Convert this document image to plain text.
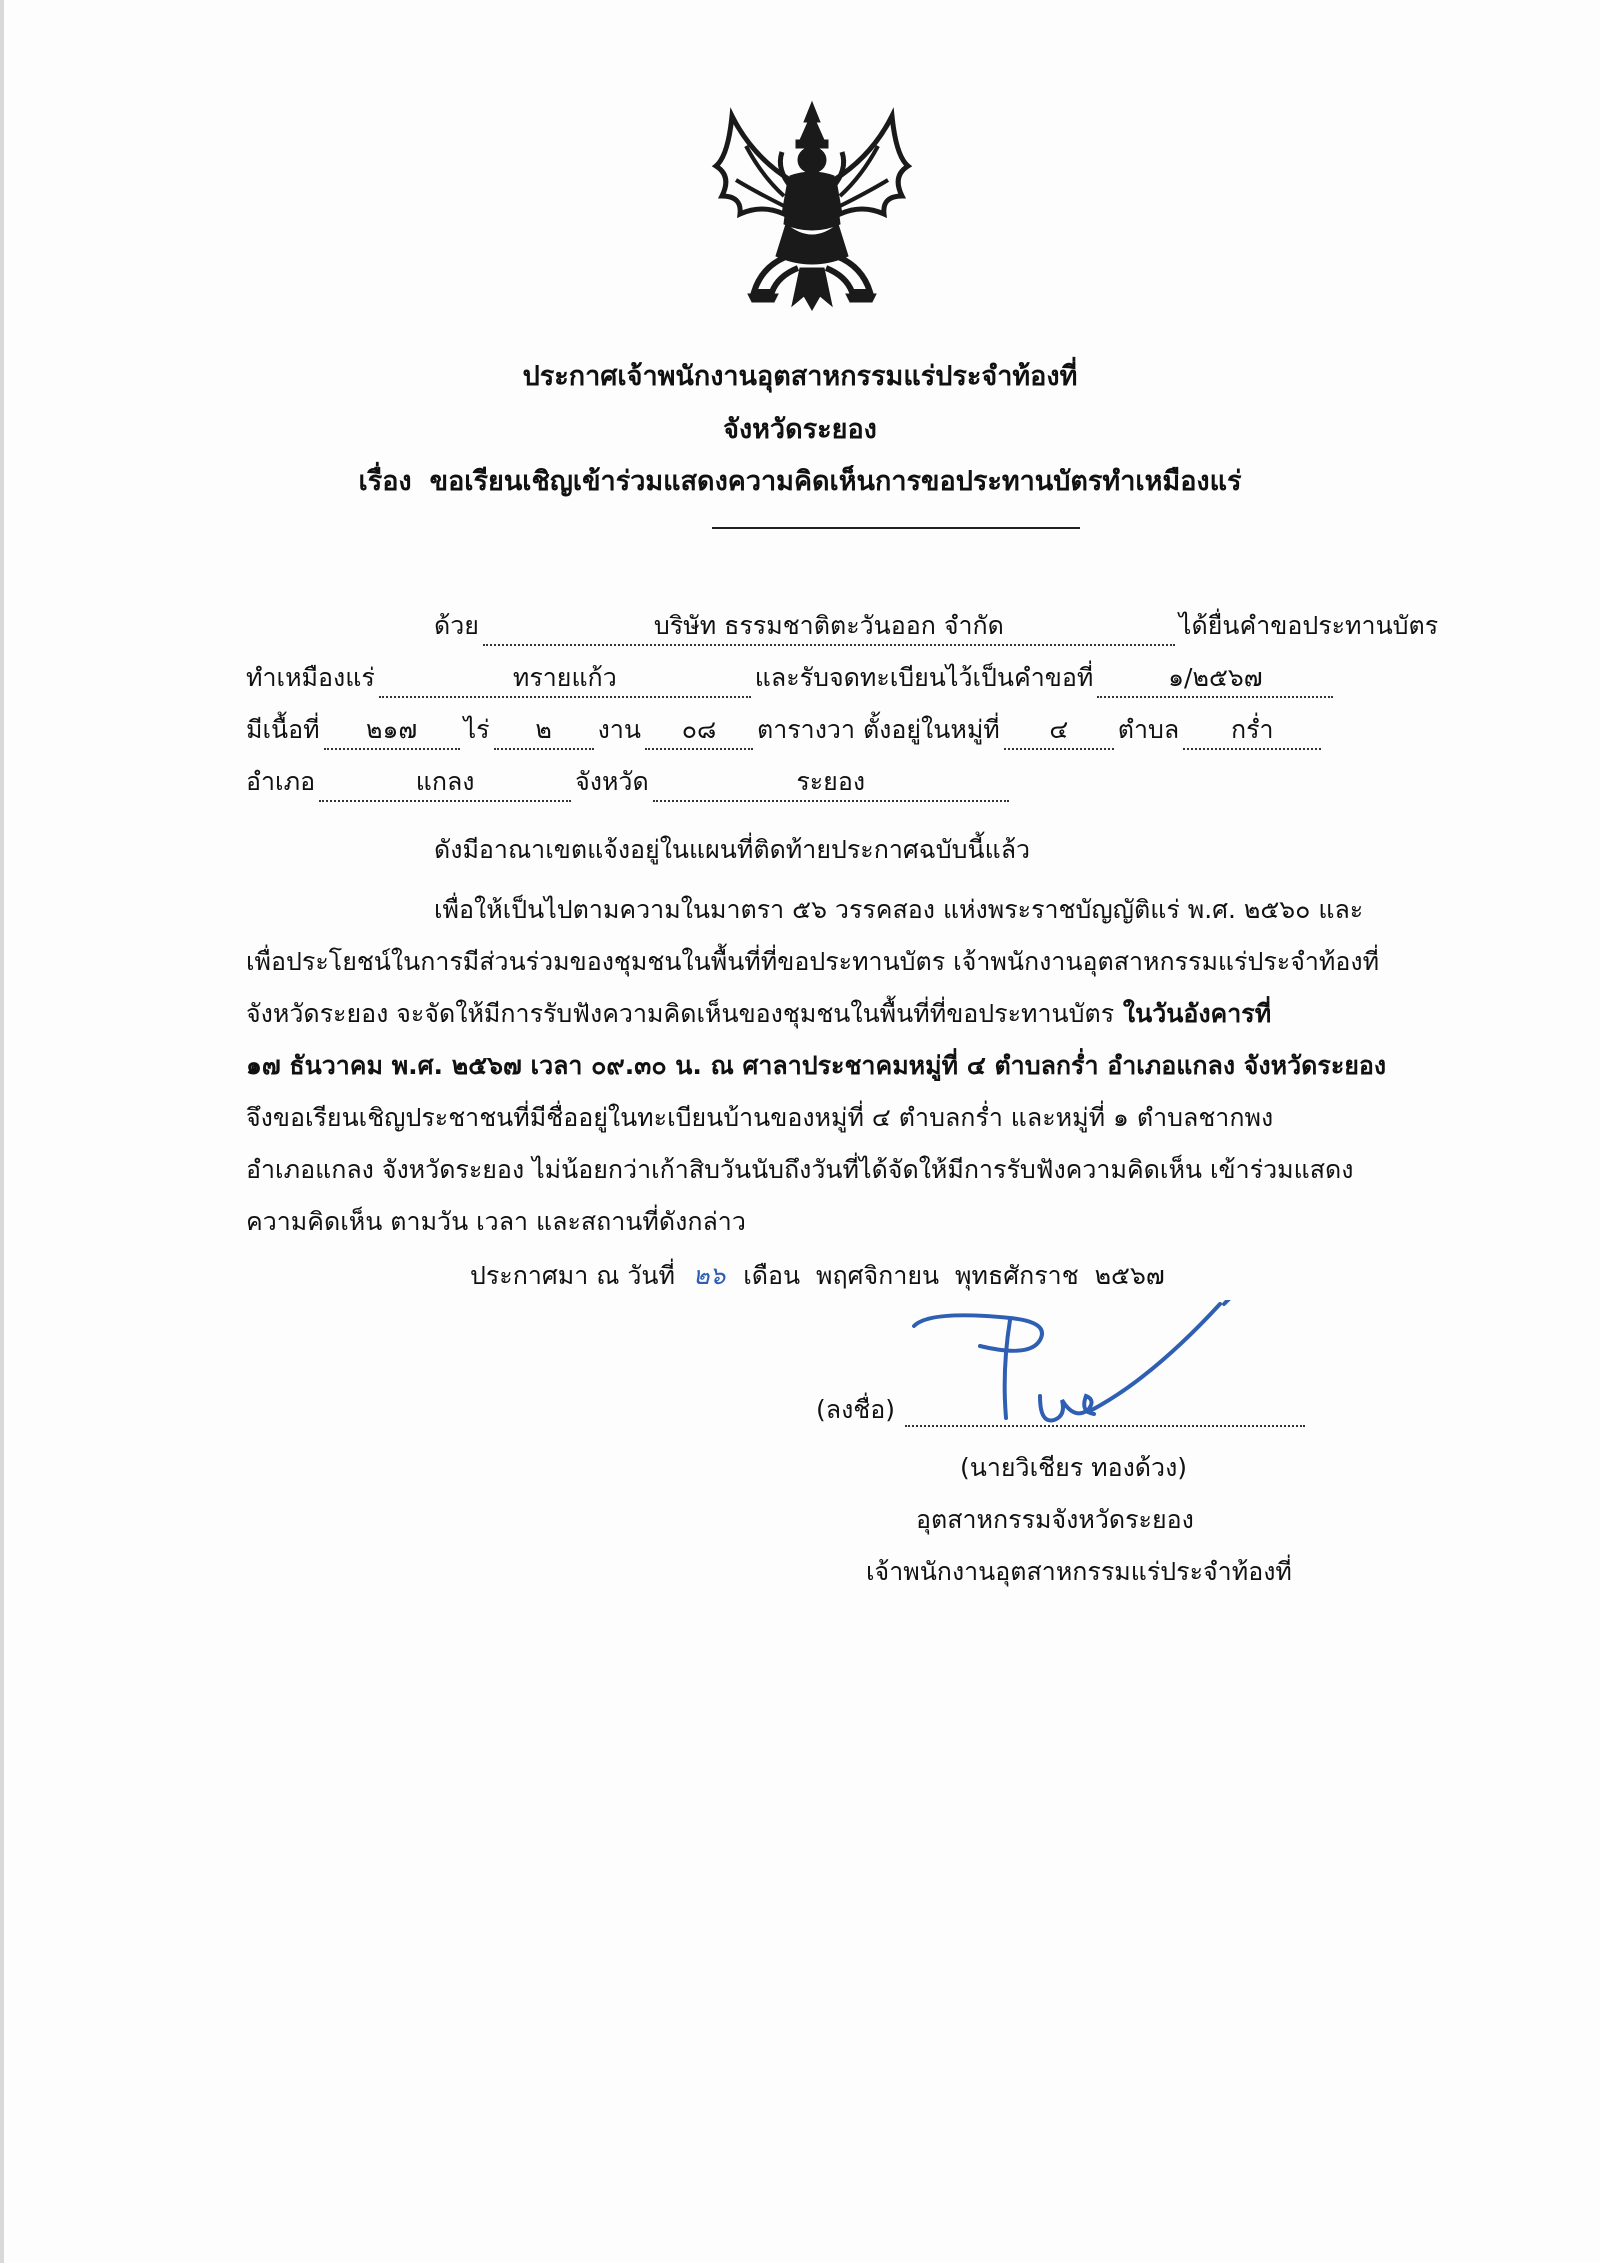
ประกาศเจ้าพนักงานอุตสาหกรรมแร่ประจำท้องที่
จังหวัดระยอง
เรื่อง ขอเรียนเชิญเข้าร่วมแสดงความคิดเห็นการขอประทานบัตรทำเหมืองแร่
ด้วย	บริษัท ธรรมชาติตะวันออก จำกัด	ได้ยื่นคำขอประทานบัตร
ทำเหมืองแร่	ทรายแก้ว	และรับจดทะเบียนไว้เป็นคำขอที่	๑/๒๕๖๗
มีเนื้อที่ ๒๑๗ ไร่ ๒ งาน ๐๘ ตารางวา ตั้งอยู่ในหมู่ที่ ๔ ตำบล กร่ำ
อำเภอ	แกลง	จังหวัด	ระยอง
ดังมีอาณาเขตแจ้งอยู่ในแผนที่ติดท้ายประกาศฉบับนี้แล้ว
เพื่อให้เป็นไปตามความในมาตรา ๕๖ วรรคสอง แห่งพระราชบัญญัติแร่ พ.ศ. ๒๕๖๐ และ
เพื่อประโยชน์ในการมีส่วนร่วมของชุมชนในพื้นที่ที่ขอประทานบัตร เจ้าพนักงานอุตสาหกรรมแร่ประจำท้องที่
จังหวัดระยอง จะจัดให้มีการรับฟังความคิดเห็นของชุมชนในพื้นที่ที่ขอประทานบัตร ในวันอังคารที่
๑๗ ธันวาคม พ.ศ. ๒๕๖๗ เวลา ๐๙.๓๐ น. ณ ศาลาประชาคมหมู่ที่ ๔ ตำบลกร่ำ อำเภอแกลง จังหวัดระยอง
จึงขอเรียนเชิญประชาชนที่มีชื่ออยู่ในทะเบียนบ้านของหมู่ที่ ๔ ตำบลกร่ำ และหมู่ที่ ๑ ตำบลชากพง
อำเภอแกลง จังหวัดระยอง ไม่น้อยกว่าเก้าสิบวันนับถึงวันที่ได้จัดให้มีการรับฟังความคิดเห็น เข้าร่วมแสดง
ความคิดเห็น ตามวัน เวลา และสถานที่ดังกล่าว
ประกาศมา ณ วันที่ ๒๖ เดือน พฤศจิกายน พุทธศักราช ๒๕๖๗
(ลงชื่อ)
(นายวิเชียร ทองด้วง)
อุตสาหกรรมจังหวัดระยอง
เจ้าพนักงานอุตสาหกรรมแร่ประจำท้องที่
